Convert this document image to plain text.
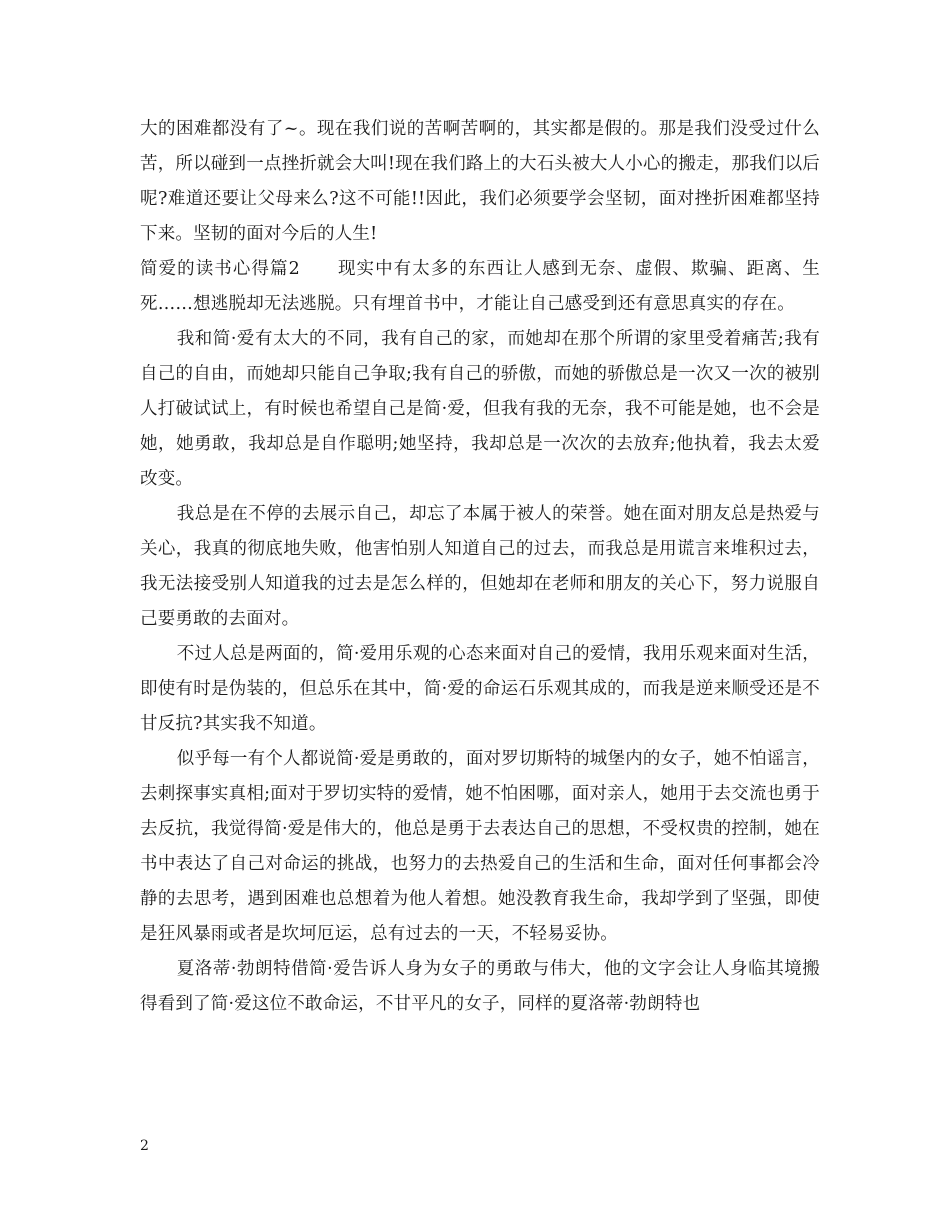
大的困难都没有了~。现在我们说的苦啊苦啊的，其实都是假的。那是我们没受过什么苦，所以碰到一点挫折就会大叫!现在我们路上的大石头被大人小心的搬走，那我们以后呢?难道还要让父母来么?这不可能!!因此，我们必须要学会坚韧，面对挫折困难都坚持下来。坚韧的面对今后的人生!

简爱的读书心得篇2　　现实中有太多的东西让人感到无奈、虚假、欺骗、距离、生死……想逃脱却无法逃脱。只有埋首书中，才能让自己感受到还有意思真实的存在。

我和简·爱有太大的不同，我有自己的家，而她却在那个所谓的家里受着痛苦;我有自己的自由，而她却只能自己争取;我有自己的骄傲，而她的骄傲总是一次又一次的被别人打破试试上，有时候也希望自己是简·爱，但我有我的无奈，我不可能是她，也不会是她，她勇敢，我却总是自作聪明;她坚持，我却总是一次次的去放弃;他执着，我去太爱改变。

我总是在不停的去展示自己，却忘了本属于被人的荣誉。她在面对朋友总是热爱与关心，我真的彻底地失败，他害怕别人知道自己的过去，而我总是用谎言来堆积过去，我无法接受别人知道我的过去是怎么样的，但她却在老师和朋友的关心下，努力说服自己要勇敢的去面对。

不过人总是两面的，简·爱用乐观的心态来面对自己的爱情，我用乐观来面对生活，即使有时是伪装的，但总乐在其中，简·爱的命运石乐观其成的，而我是逆来顺受还是不甘反抗?其实我不知道。

似乎每一有个人都说简·爱是勇敢的，面对罗切斯特的城堡内的女子，她不怕谣言，去刺探事实真相;面对于罗切实特的爱情，她不怕困哪，面对亲人，她用于去交流也勇于去反抗，我觉得简·爱是伟大的，他总是勇于去表达自己的思想，不受权贵的控制，她在书中表达了自己对命运的挑战，也努力的去热爱自己的生活和生命，面对任何事都会冷静的去思考，遇到困难也总想着为他人着想。她没教育我生命，我却学到了坚强，即使是狂风暴雨或者是坎坷厄运，总有过去的一天，不轻易妥协。

夏洛蒂·勃朗特借简·爱告诉人身为女子的勇敢与伟大，他的文字会让人身临其境搬得看到了简·爱这位不敢命运，不甘平凡的女子，同样的夏洛蒂·勃朗特也

2
